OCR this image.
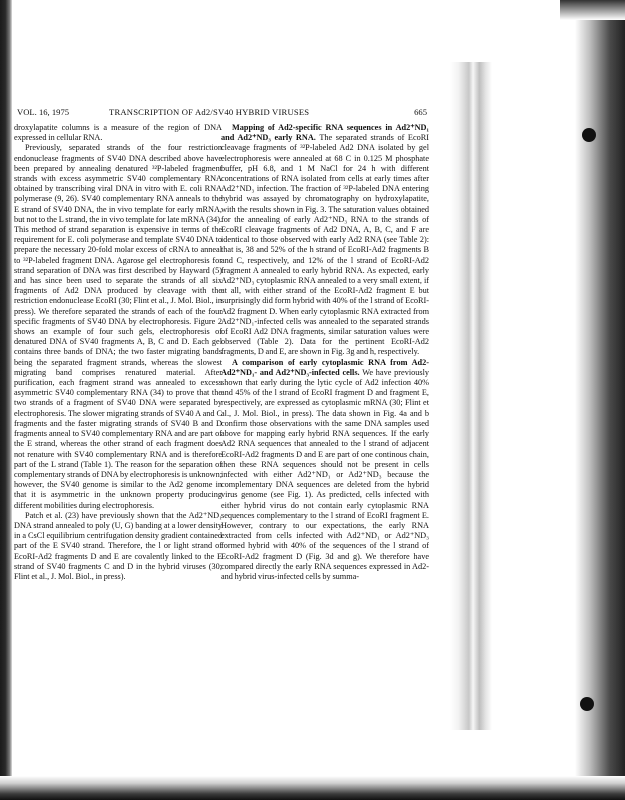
VOL. 16, 1975	TRANSCRIPTION OF Ad2/SV40 HYBRID VIRUSES	665

droxylapatite columns is a measure of the region of DNA expressed in cellular RNA.

Previously, separated strands of the four restriction endonuclease fragments of SV40 DNA described above have been prepared by annealing denatured ³²P-labeled fragment strands with excess asymmetric SV40 complementary RNA obtained by transcribing viral DNA in vitro with E. coli RNA polymerase (9, 26). SV40 complementary RNA anneals to the E strand of SV40 DNA, the in vivo template for early mRNA, but not to the L strand, the in vivo template for late mRNA (34). This method of strand separation is expensive in terms of the requirement for E. coli polymerase and template SV40 DNA to prepare the necessary 20-fold molar excess of cRNA to anneal to ³²P-labeled fragment DNA. Agarose gel electrophoresis for strand separation of DNA was first described by Hayward (5) and has since been used to separate the strands of all six fragments of Ad2 DNA produced by cleavage with the restriction endonuclease EcoRI (30; Flint et al., J. Mol. Biol., in press). We therefore separated the strands of each of the four specific fragments of SV40 DNA by electrophoresis. Figure 2 shows an example of four such gels, electrophoresis of denatured DNA of SV40 fragments A, B, C and D. Each gel contains three bands of DNA; the two faster migrating bands being the separated fragment strands, whereas the slowest migrating band comprises renatured material. After purification, each fragment strand was annealed to excess asymmetric SV40 complementary RNA (34) to prove that the two strands of a fragment of SV40 DNA were separated by electrophoresis. The slower migrating strands of SV40 A and C fragments and the faster migrating strands of SV40 B and D fragments anneal to SV40 complementary RNA and are part of the E strand, whereas the other strand of each fragment does not renature with SV40 complementary RNA and is therefore part of the L strand (Table 1). The reason for the separation of complementary strands of DNA by electrophoresis is unknown; however, the SV40 genome is similar to the Ad2 genome in that it is asymmetric in the unknown property producing different mobilities during electrophoresis.

Patch et al. (23) have previously shown that the Ad2⁺ND₁ DNA strand annealed to poly (U, G) banding at a lower density in a CsCl equilibrium centrifugation density gradient contained part of the E SV40 strand. Therefore, the l or light strand of EcoRI-Ad2 fragments D and E are covalently linked to the E strand of SV40 fragments C and D in the hybrid viruses (30; Flint et al., J. Mol. Biol., in press).

Mapping of Ad2-specific RNA sequences in Ad2⁺ND₁ and Ad2⁺ND₃ early RNA. The separated strands of EcoRI cleavage fragments of ³²P-labeled Ad2 DNA isolated by gel electrophoresis were annealed at 68 C in 0.125 M phosphate buffer, pH 6.8, and 1 M NaCl for 24 h with different concentrations of RNA isolated from cells at early times after Ad2⁺ND₃ infection. The fraction of ³²P-labeled DNA entering hybrid was assayed by chromatography on hydroxylapatite, with the results shown in Fig. 3. The saturation values obtained for the annealing of early Ad2⁺ND₃ RNA to the strands of EcoRI cleavage fragments of Ad2 DNA, A, B, C, and F are identical to those observed with early Ad2 RNA (see Table 2): that is, 38 and 52% of the h strand of EcoRI-Ad2 fragments B and C, respectively, and 12% of the l strand of EcoRI-Ad2 fragment A annealed to early hybrid RNA. As expected, early Ad2⁺ND₃ cytoplasmic RNA annealed to a very small extent, if at all, with either strand of the EcoRI-Ad2 fragment E but surprisingly did form hybrid with 40% of the l strand of EcoRI-Ad2 fragment D. When early cytoplasmic RNA extracted from Ad2⁺ND₁-infected cells was annealed to the separated strands of EcoRI Ad2 DNA fragments, similar saturation values were observed (Table 2). Data for the pertinent EcoRI-Ad2 fragments, D and E, are shown in Fig. 3g and h, respectively.

A comparison of early cytoplasmic RNA from Ad2- Ad2⁺ND₁- and Ad2⁺ND₃-infected cells. We have previously shown that early during the lytic cycle of Ad2 infection 40% and 45% of the l strand of EcoRI fragment D and fragment E, respectively, are expressed as cytoplasmic mRNA (30; Flint et al., J. Mol. Biol., in press). The data shown in Fig. 4a and b confirm those observations with the same DNA samples used above for mapping early hybrid RNA sequences. If the early Ad2 RNA sequences that annealed to the l strand of adjacent EcoRI-Ad2 fragments D and E are part of one continous chain, then these RNA sequences should not be present in cells infected with either Ad2⁺ND₁ or Ad2⁺ND₃ because the complementary DNA sequences are deleted from the hybrid virus genome (see Fig. 1). As predicted, cells infected with either hybrid virus do not contain early cytoplasmic RNA sequences complementary to the l strand of EcoRI fragment E. However, contrary to our expectations, the early RNA extracted from cells infected with Ad2⁺ND₁ or Ad2⁺ND₃ formed hybrid with 40% of the sequences of the l strand of EcoRI-Ad2 fragment D (Fig. 3d and g). We therefore have compared directly the early RNA sequences expressed in Ad2- and hybrid virus-infected cells by summa-
